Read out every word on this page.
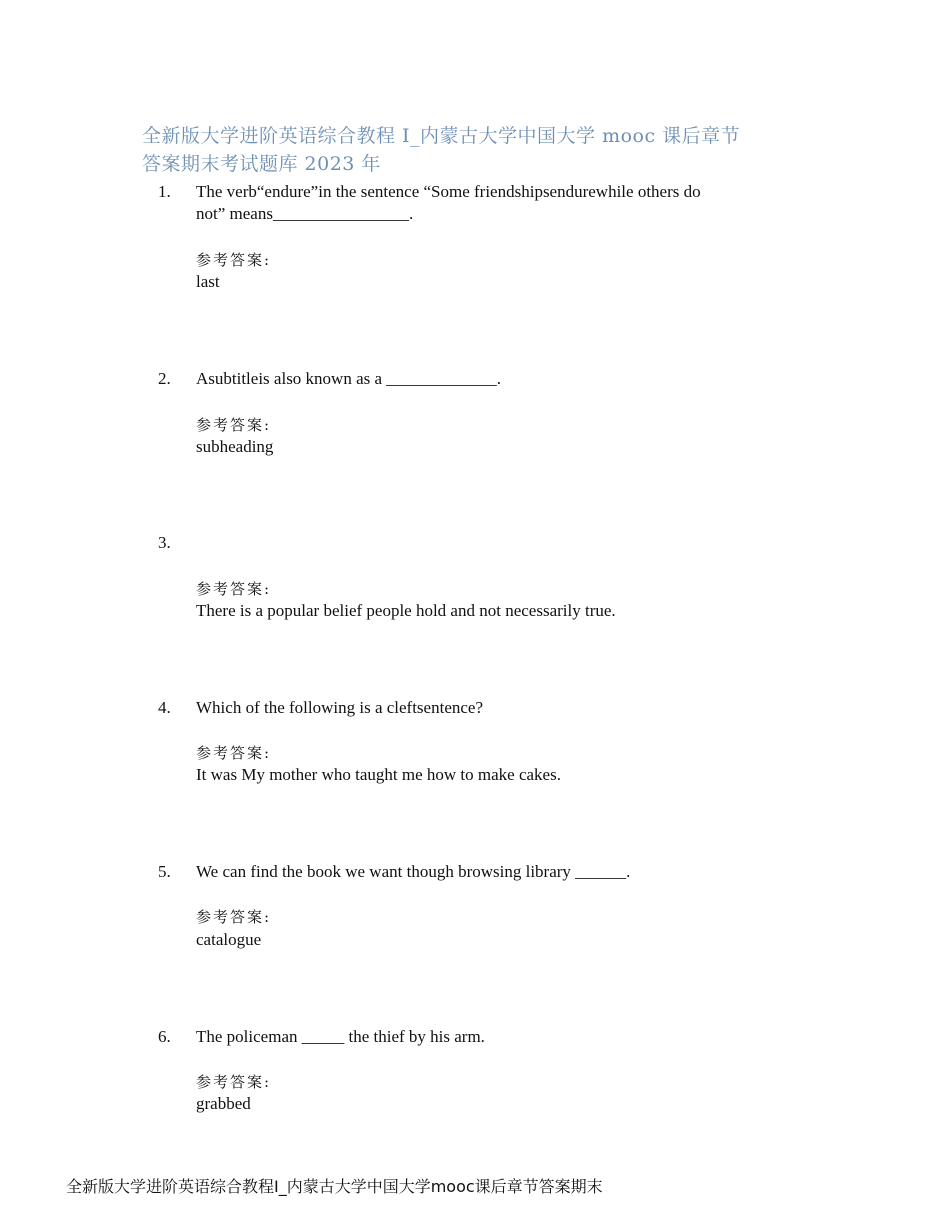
全新版大学进阶英语综合教程 I_内蒙古大学中国大学 mooc 课后章节
答案期末考试题库 2023 年
1. The verb“endure”in the sentence “Some friendshipsendurewhile others do
not” means________________.
参考答案:
last
2. Asubtitleis also known as a _____________.
参考答案:
subheading
3.
参考答案:
There is a popular belief people hold and not necessarily true.
4. Which of the following is a cleftsentence?
参考答案:
It was My mother who taught me how to make cakes.
5. We can find the book we want though browsing library ______.
参考答案:
catalogue
6. The policeman _____ the thief by his arm.
参考答案:
grabbed
全新版大学进阶英语综合教程I_内蒙古大学中国大学mooc课后章节答案期末
